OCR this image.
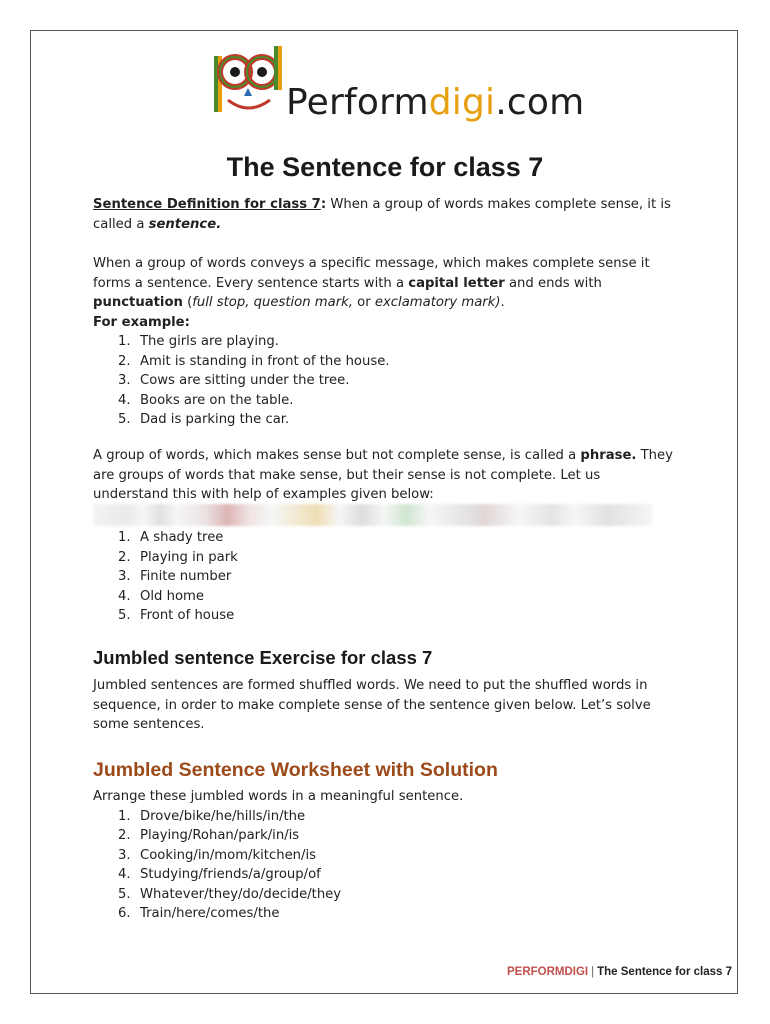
Performdigi.com
The Sentence for class 7

Sentence Definition for class 7: When a group of words makes complete sense, it is called a sentence.

When a group of words conveys a specific message, which makes complete sense it forms a sentence. Every sentence starts with a capital letter and ends with punctuation (full stop, question mark, or exclamatory mark).

For example:

1. The girls are playing.
2. Amit is standing in front of the house.
3. Cows are sitting under the tree.
4. Books are on the table.
5. Dad is parking the car.

A group of words, which makes sense but not complete sense, is called a phrase. They are groups of words that make sense, but their sense is not complete. Let us understand this with help of examples given below:

1. A shady tree
2. Playing in park
3. Finite number
4. Old home
5. Front of house
Jumbled sentence Exercise for class 7

Jumbled sentences are formed shuffled words. We need to put the shuffled words in sequence, in order to make complete sense of the sentence given below. Let’s solve some sentences.

Jumbled Sentence Worksheet with Solution

Arrange these jumbled words in a meaningful sentence.

1. Drove/bike/he/hills/in/the
2. Playing/Rohan/park/in/is
3. Cooking/in/mom/kitchen/is
4. Studying/friends/a/group/of
5. Whatever/they/do/decide/they
6. Train/here/comes/the
PERFORMDIGI | The Sentence for class 7
